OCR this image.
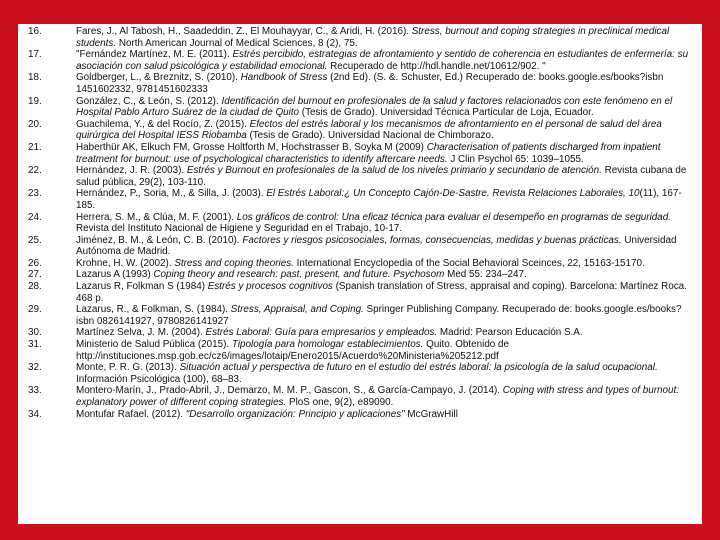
16.	Fares, J., Al Tabosh, H., Saadeddin, Z., El Mouhayyar, C., & Aridi, H. (2016). Stress, burnout and coping strategies in preclinical medical students. North American Journal of Medical Sciences, 8 (2), 75.
17.	"Fernández Martínez, M. E. (2011). Estrés percibido, estrategias de afrontamiento y sentido de coherencia en estudiantes de enfermería: su asociación con salud psicológica y estabilidad emocional. Recuperado de http://hdl.handle.net/10612/902. "
18.	Goldberger, L., & Breznitz, S. (2010). Handbook of Stress (2nd Ed). (S. &. Schuster, Ed.) Recuperado de: books.google.es/books?isbn 1451602332, 9781451602333
19.	González, C., & León, S. (2012). Identificación del burnout en profesionales de la salud y factores relacionados con este fenómeno en el Hospital Pablo Arturo Suárez de la ciudad de Quito (Tesis de Grado). Universidad Técnica Particular de Loja, Ecuador.
20.	Guachilema, Y., & del Rocío, Z. (2015). Efectos del estrés laboral y los mecanismos de afrontamiento en el personal de salud del área quirúrgica del Hospital IESS Riobamba (Tesis de Grado). Universidad Nacional de Chimborazo.
21.	Haberthür AK, Elkuch FM, Grosse Holtforth M, Hochstrasser B, Soyka M (2009) Characterisation of patients discharged from inpatient treatment for burnout: use of psychological characteristics to identify aftercare needs. J Clin Psychol 65: 1039–1055.
22.	Hernández, J. R. (2003). Estrés y Burnout en profesionales de la salud de los niveles primario y secundario de atención. Revista cubana de salud pública, 29(2), 103-110.
23.	Hernández, P., Soria, M., & Silla, J. (2003). El Estrés Laboral:¿ Un Concepto Cajón-De-Sastre. Revista Relaciones Laborales, 10(11), 167-185.
24.	Herrera, S. M., & Clúa, M. F. (2001). Los gráficos de control: Una eficaz técnica para evaluar el desempeño en programas de seguridad. Revista del Instituto Nacional de Higiene y Seguridad en el Trabajo, 10-17.
25.	Jiménez, B. M., & León, C. B. (2010). Factores y riesgos psicosociales, formas, consecuencias, medidas y buenas prácticas. Universidad Autónoma de Madrid.
26.	Krohne, H. W. (2002). Stress and coping theories. International Encyclopedia of the Social Behavioral Sceinces, 22, 15163-15170.
27.	Lazarus A (1993) Coping theory and research: past, present, and future. Psychosom Med 55: 234–247.
28.	Lazarus R, Folkman S (1984) Estrés y procesos cognitivos (Spanish translation of Stress, appraisal and coping). Barcelona: Martínez Roca. 468 p.
29.	Lazarus, R., & Folkman, S. (1984). Stress, Appraisal, and Coping. Springer Publishing Company. Recuperado de: books.google.es/books?isbn 0826141927, 9780826141927
30.	Martínez Selva, J. M. (2004). Estrés Laboral: Guía para empresarios y empleados. Madrid: Pearson Educación S.A.
31.	Ministerio de Salud Pública (2015). Tipología para homologar establecimientos. Quito. Obtenido de http://instituciones.msp.gob.ec/cz6/images/lotaip/Enero2015/Acuerdo%20Ministeria%205212.pdf
32.	Monte, P. R. G. (2013). Situación actual y perspectiva de futuro en el estudio del estrés laboral: la psicología de la salud ocupacional. Información Psicológica (100), 68–83.
33.	Montero-Marín, J., Prado-Abril, J., Demarzo, M. M. P., Gascon, S., & García-Campayo, J. (2014). Coping with stress and types of burnout: explanatory power of different coping strategies. PloS one, 9(2), e89090.
34.	Montufar Rafael. (2012). "Desarrollo organización: Principio y aplicaciones" McGrawHill
